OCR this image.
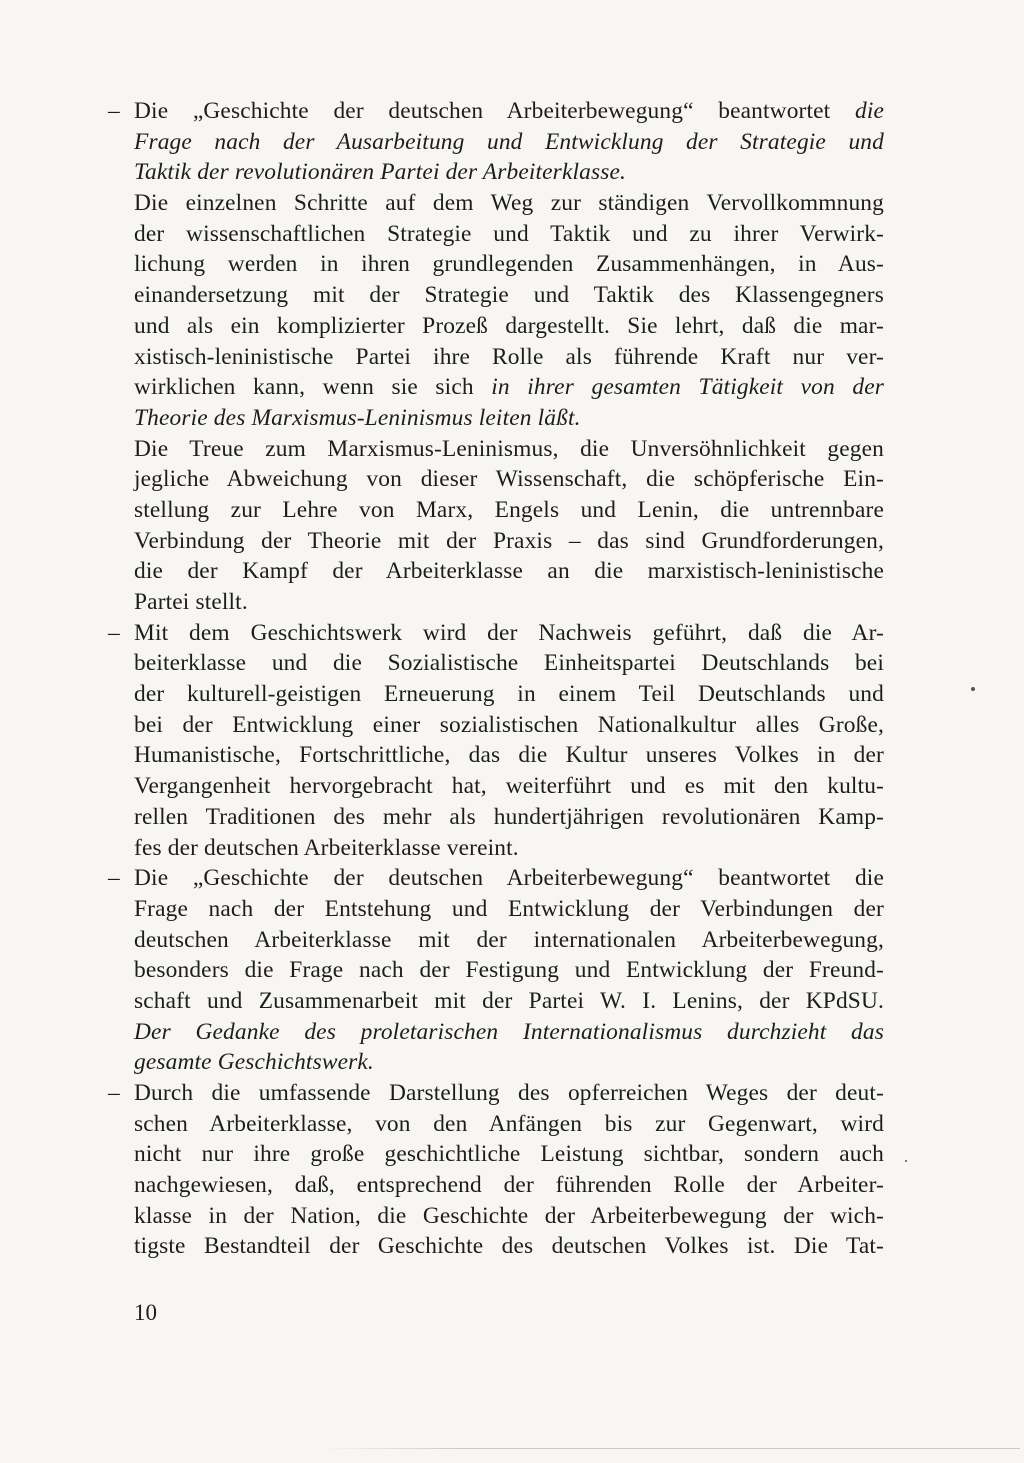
– Die „Geschichte der deutschen Arbeiterbewegung“ beantwortet die
Frage nach der Ausarbeitung und Entwicklung der Strategie und
Taktik der revolutionären Partei der Arbeiterklasse.
Die einzelnen Schritte auf dem Weg zur ständigen Vervollkommnung
der wissenschaftlichen Strategie und Taktik und zu ihrer Verwirk-
lichung werden in ihren grundlegenden Zusammenhängen, in Aus-
einandersetzung mit der Strategie und Taktik des Klassengegners
und als ein komplizierter Prozeß dargestellt. Sie lehrt, daß die mar-
xistisch-leninistische Partei ihre Rolle als führende Kraft nur ver-
wirklichen kann, wenn sie sich in ihrer gesamten Tätigkeit von der
Theorie des Marxismus-Leninismus leiten läßt.
Die Treue zum Marxismus-Leninismus, die Unversöhnlichkeit gegen
jegliche Abweichung von dieser Wissenschaft, die schöpferische Ein-
stellung zur Lehre von Marx, Engels und Lenin, die untrennbare
Verbindung der Theorie mit der Praxis – das sind Grundforderungen,
die der Kampf der Arbeiterklasse an die marxistisch-leninistische
Partei stellt.
– Mit dem Geschichtswerk wird der Nachweis geführt, daß die Ar-
beiterklasse und die Sozialistische Einheitspartei Deutschlands bei
der kulturell-geistigen Erneuerung in einem Teil Deutschlands und
bei der Entwicklung einer sozialistischen Nationalkultur alles Große,
Humanistische, Fortschrittliche, das die Kultur unseres Volkes in der
Vergangenheit hervorgebracht hat, weiterführt und es mit den kultu-
rellen Traditionen des mehr als hundertjährigen revolutionären Kamp-
fes der deutschen Arbeiterklasse vereint.
– Die „Geschichte der deutschen Arbeiterbewegung“ beantwortet die
Frage nach der Entstehung und Entwicklung der Verbindungen der
deutschen Arbeiterklasse mit der internationalen Arbeiterbewegung,
besonders die Frage nach der Festigung und Entwicklung der Freund-
schaft und Zusammenarbeit mit der Partei W. I. Lenins, der KPdSU.
Der Gedanke des proletarischen Internationalismus durchzieht das
gesamte Geschichtswerk.
– Durch die umfassende Darstellung des opferreichen Weges der deut-
schen Arbeiterklasse, von den Anfängen bis zur Gegenwart, wird
nicht nur ihre große geschichtliche Leistung sichtbar, sondern auch
nachgewiesen, daß, entsprechend der führenden Rolle der Arbeiter-
klasse in der Nation, die Geschichte der Arbeiterbewegung der wich-
tigste Bestandteil der Geschichte des deutschen Volkes ist. Die Tat-
10
